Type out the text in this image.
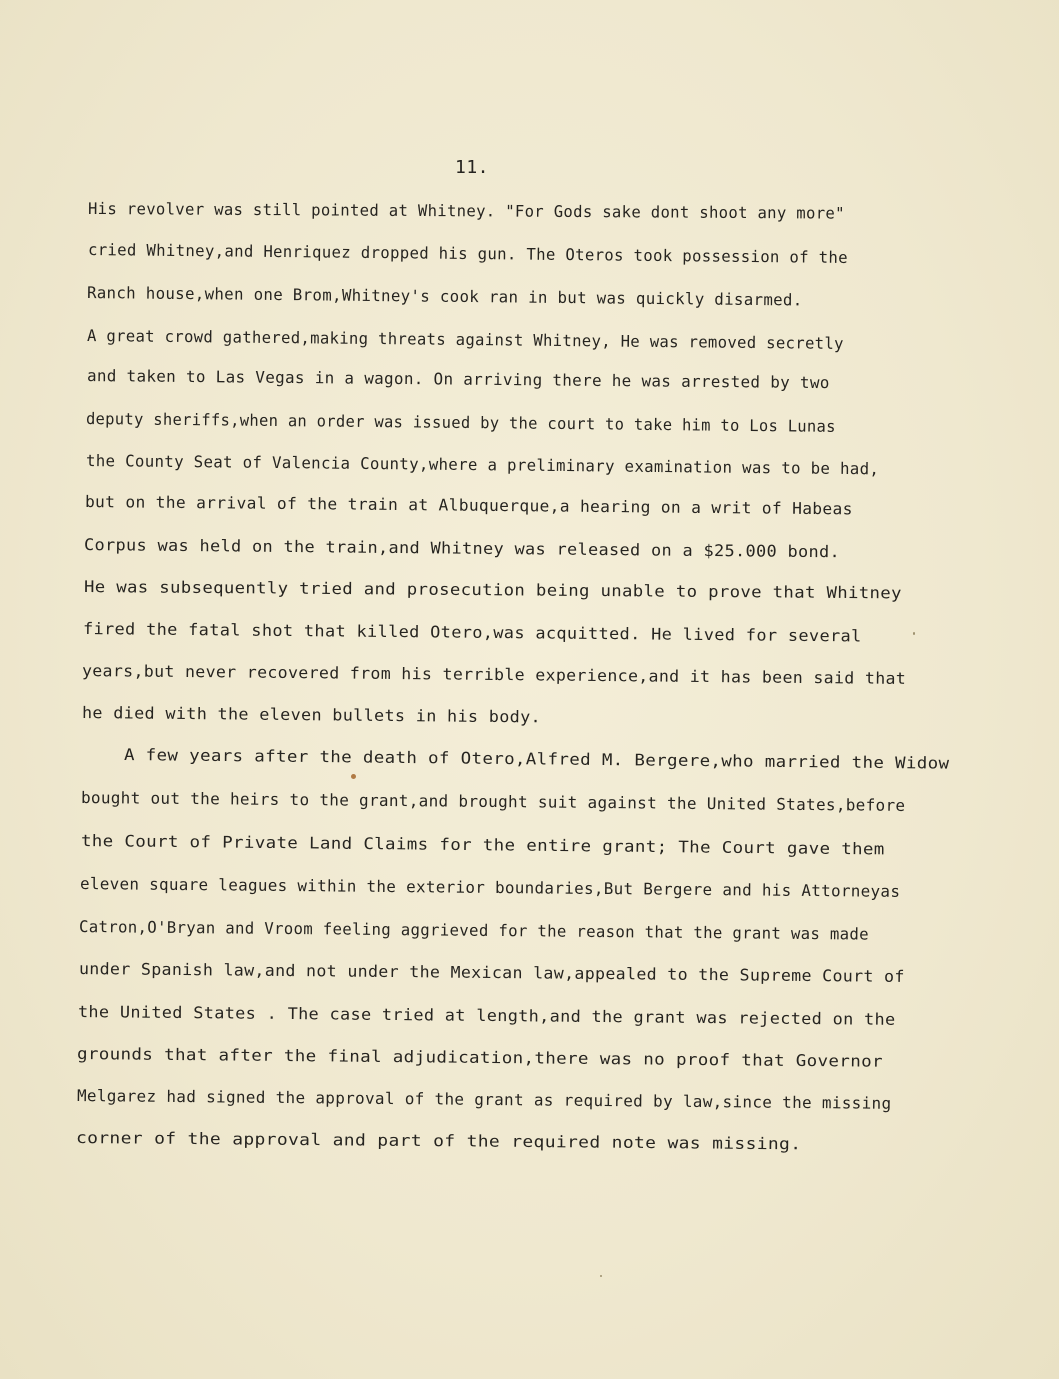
11.
His revolver was still pointed at Whitney. "For Gods sake dont shoot any more"
cried Whitney,and Henriquez dropped his gun. The Oteros took possession of the
Ranch house,when one Brom,Whitney's cook ran in but was quickly disarmed.
A great crowd gathered,making threats against Whitney, He was removed secretly
and taken to Las Vegas in a wagon. On arriving there he was arrested by two
deputy sheriffs,when an order was issued by the court to take him to Los Lunas
the County Seat of Valencia County,where a preliminary examination was to be had,
but on the arrival of the train at Albuquerque,a hearing on a writ of Habeas
Corpus was held on the train,and Whitney was released on a $25.000 bond.
He was subsequently tried and prosecution being unable to prove that Whitney
fired the fatal shot that killed Otero,was acquitted. He lived for several
years,but never recovered from his terrible experience,and it has been said that
he died with the eleven bullets in his body.
A few years after the death of Otero,Alfred M. Bergere,who married the Widow
bought out the heirs to the grant,and brought suit against the United States,before
the Court of Private Land Claims for the entire grant; The Court gave them
eleven square leagues within the exterior boundaries,But Bergere and his Attorneyas
Catron,O'Bryan and Vroom feeling aggrieved for the reason that the grant was made
under Spanish law,and not under the Mexican law,appealed to the Supreme Court of
the United States . The case tried at length,and the grant was rejected on the
grounds that after the final adjudication,there was no proof that Governor
Melgarez had signed the approval of the grant as required by law,since the missing
corner of the approval and part of the required note was missing.
